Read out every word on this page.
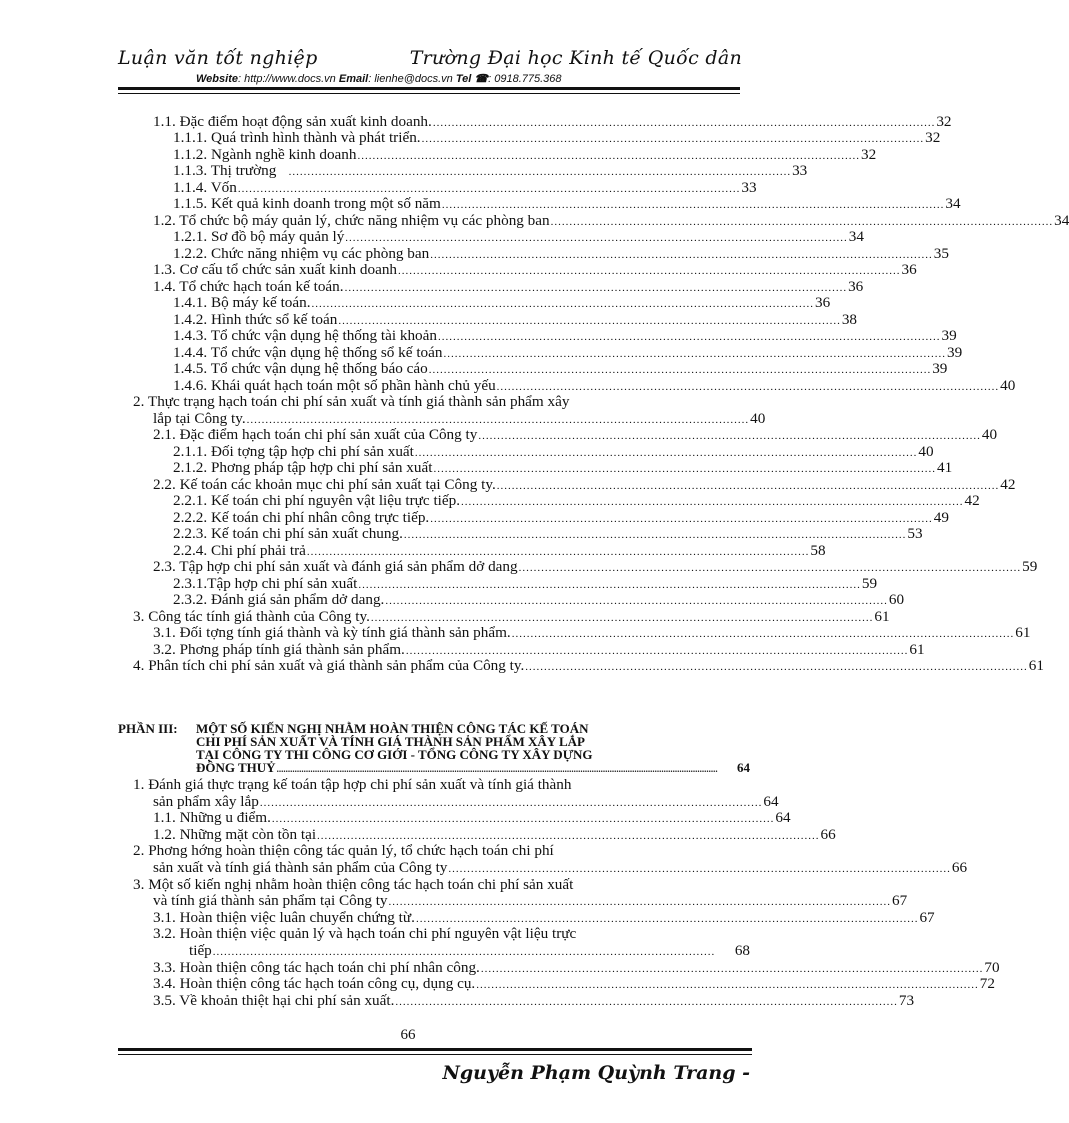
Luận văn tốt nghiệp	Trường Đại học Kinh tế Quốc dân
Website: http://www.docs.vn Email: lienhe@docs.vn Tel ☎: 0918.775.368
1.1. Đặc điểm hoạt động sản xuất kinh doanh. ...................................................................................................................................... 32
1.1.1. Quá trình hình thành và phát triển. ...................................................................................................................................... 32
1.1.2. Ngành nghề kinh doanh ...................................................................................................................................... 32
1.1.3. Thị trường ...................................................................................................................................... 33
1.1.4. Vốn ...................................................................................................................................... 33
1.1.5. Kết quả kinh doanh trong một số năm ...................................................................................................................................... 34
1.2. Tổ chức bộ máy quản lý, chức năng nhiệm vụ các phòng ban ...................................................................................................................................... 34
1.2.1. Sơ đồ bộ máy quản lý ...................................................................................................................................... 34
1.2.2. Chức năng nhiệm vụ các phòng ban ...................................................................................................................................... 35
1.3. Cơ cấu tổ chức sản xuất kinh doanh ...................................................................................................................................... 36
1.4. Tổ chức hạch toán kế toán. ...................................................................................................................................... 36
1.4.1. Bộ máy kế toán. ...................................................................................................................................... 36
1.4.2. Hình thức sổ kế toán ...................................................................................................................................... 38
1.4.3. Tổ chức vận dụng hệ thống tài khoản ...................................................................................................................................... 39
1.4.4. Tổ chức vận dụng hệ thống sổ kế toán ...................................................................................................................................... 39
1.4.5. Tổ chức vận dụng hệ thống báo cáo ...................................................................................................................................... 39
1.4.6. Khái quát hạch toán một số phần hành chủ yếu ...................................................................................................................................... 40
2. Thực trạng hạch toán chi phí sản xuất và tính giá thành sản phẩm xây
lắp tại Công ty. ...................................................................................................................................... 40
2.1. Đặc điểm hạch toán chi phí sản xuất của Công ty ...................................................................................................................................... 40
2.1.1. Đối tợng tập hợp chi phí sản xuất ...................................................................................................................................... 40
2.1.2. Phơng pháp tập hợp chi phí sản xuất ...................................................................................................................................... 41
2.2. Kế toán các khoản mục chi phí sản xuất tại Công ty. ...................................................................................................................................... 42
2.2.1. Kế toán chi phí nguyên vật liệu trực tiếp. ...................................................................................................................................... 42
2.2.2. Kế toán chi phí nhân công trực tiếp. ...................................................................................................................................... 49
2.2.3. Kế toán chi phí sản xuất chung. ...................................................................................................................................... 53
2.2.4. Chi phí phải trả ...................................................................................................................................... 58
2.3. Tập hợp chi phí sản xuất và đánh giá sản phẩm dở dang ...................................................................................................................................... 59
2.3.1.Tập hợp chi phí sản xuất ...................................................................................................................................... 59
2.3.2. Đánh giá sản phẩm dở dang. ...................................................................................................................................... 60
3. Công tác tính giá thành của Công ty. ...................................................................................................................................... 61
3.1. Đối tợng tính giá thành và kỳ tính giá thành sản phẩm. ...................................................................................................................................... 61
3.2. Phơng pháp tính giá thành sản phẩm. ...................................................................................................................................... 61
4. Phân tích chi phí sản xuất và giá thành sản phẩm của Công ty. ...................................................................................................................................... 61
PHẦN III: MỘT SỐ KIẾN NGHỊ NHẰM HOÀN THIỆN CÔNG TÁC KẾ TOÁN
CHI PHÍ SẢN XUẤT VÀ TÍNH GIÁ THÀNH SẢN PHẨM XÂY LẮP
TẠI CÔNG TY THI CÔNG CƠ GIỚI - TỔNG CÔNG TY XÂY DỰNG
ĐÔNG THUỶ ....................................................................................................................................................................................................	64
1. Đánh giá thực trạng kế toán tập hợp chi phí sản xuất và tính giá thành
sản phẩm xây lắp ...................................................................................................................................... 64
1.1. Những u điểm. ...................................................................................................................................... 64
1.2. Những mặt còn tồn tại ...................................................................................................................................... 66
2. Phơng hớng hoàn thiện công tác quản lý, tổ chức hạch toán chi phí
sản xuất và tính giá thành sản phẩm của Công ty ...................................................................................................................................... 66
3. Một số kiến nghị nhằm hoàn thiện công tác hạch toán chi phí sản xuất
và tính giá thành sản phẩm tại Công ty ...................................................................................................................................... 67
3.1. Hoàn thiện việc luân chuyển chứng từ. ...................................................................................................................................... 67
3.2. Hoàn thiện việc quản lý và hạch toán chi phí nguyên vật liệu trực
tiếp ......................................................................................................................................	68
3.3. Hoàn thiện công tác hạch toán chi phí nhân công. ...................................................................................................................................... 70
3.4. Hoàn thiện công tác hạch toán công cụ, dụng cụ. ...................................................................................................................................... 72
3.5. Về khoản thiệt hại chi phí sản xuất. ...................................................................................................................................... 73
66
Nguyễn Phạm Quỳnh Trang -
